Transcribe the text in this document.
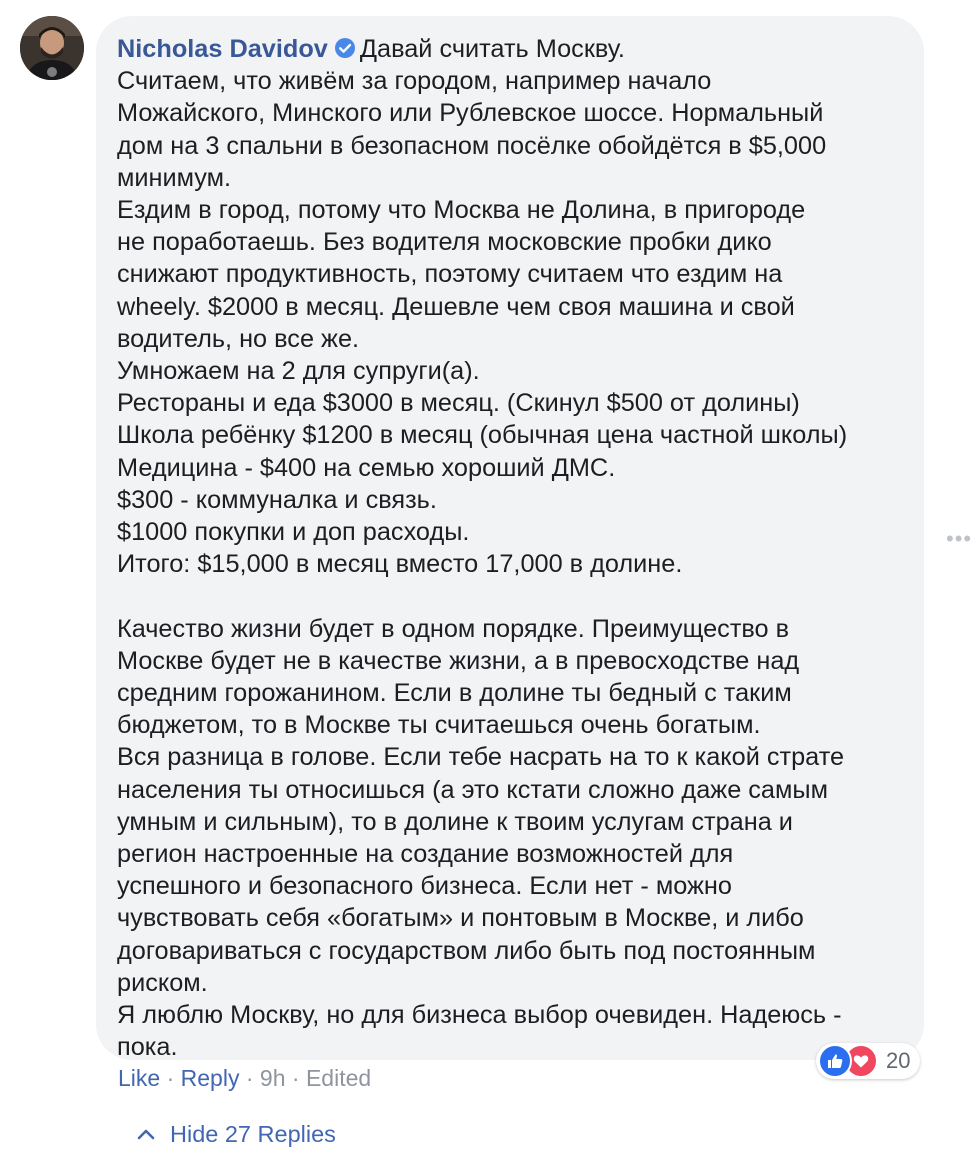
Nicholas Davidov Давай считать Москву.
Считаем, что живём за городом, например начало
Можайского, Минского или Рублевское шоссе. Нормальный
дом на 3 спальни в безопасном посёлке обойдётся в $5,000
минимум.
Ездим в город, потому что Москва не Долина, в пригороде
не поработаешь. Без водителя московские пробки дико
снижают продуктивность, поэтому считаем что ездим на
wheely. $2000 в месяц. Дешевле чем своя машина и свой
водитель, но все же.
Умножаем на 2 для супруги(а).
Рестораны и еда $3000 в месяц. (Скинул $500 от долины)
Школа ребёнку $1200 в месяц (обычная цена частной школы)
Медицина - $400 на семью хороший ДМС.
$300 - коммуналка и связь.
$1000 покупки и доп расходы.
Итого: $15,000 в месяц вместо 17,000 в долине.

Качество жизни будет в одном порядке. Преимущество в
Москве будет не в качестве жизни, а в превосходстве над
средним горожанином. Если в долине ты бедный с таким
бюджетом, то в Москве ты считаешься очень богатым.
Вся разница в голове. Если тебе насрать на то к какой страте
населения ты относишься (а это кстати сложно даже самым
умным и сильным), то в долине к твоим услугам страна и
регион настроенные на создание возможностей для
успешного и безопасного бизнеса. Если нет - можно
чувствовать себя «богатым» и понтовым в Москве, и либо
договариваться с государством либо быть под постоянным
риском.
Я люблю Москву, но для бизнеса выбор очевиден. Надеюсь -
пока.	20
Like · Reply · 9h · Edited
•••
Hide 27 Replies
